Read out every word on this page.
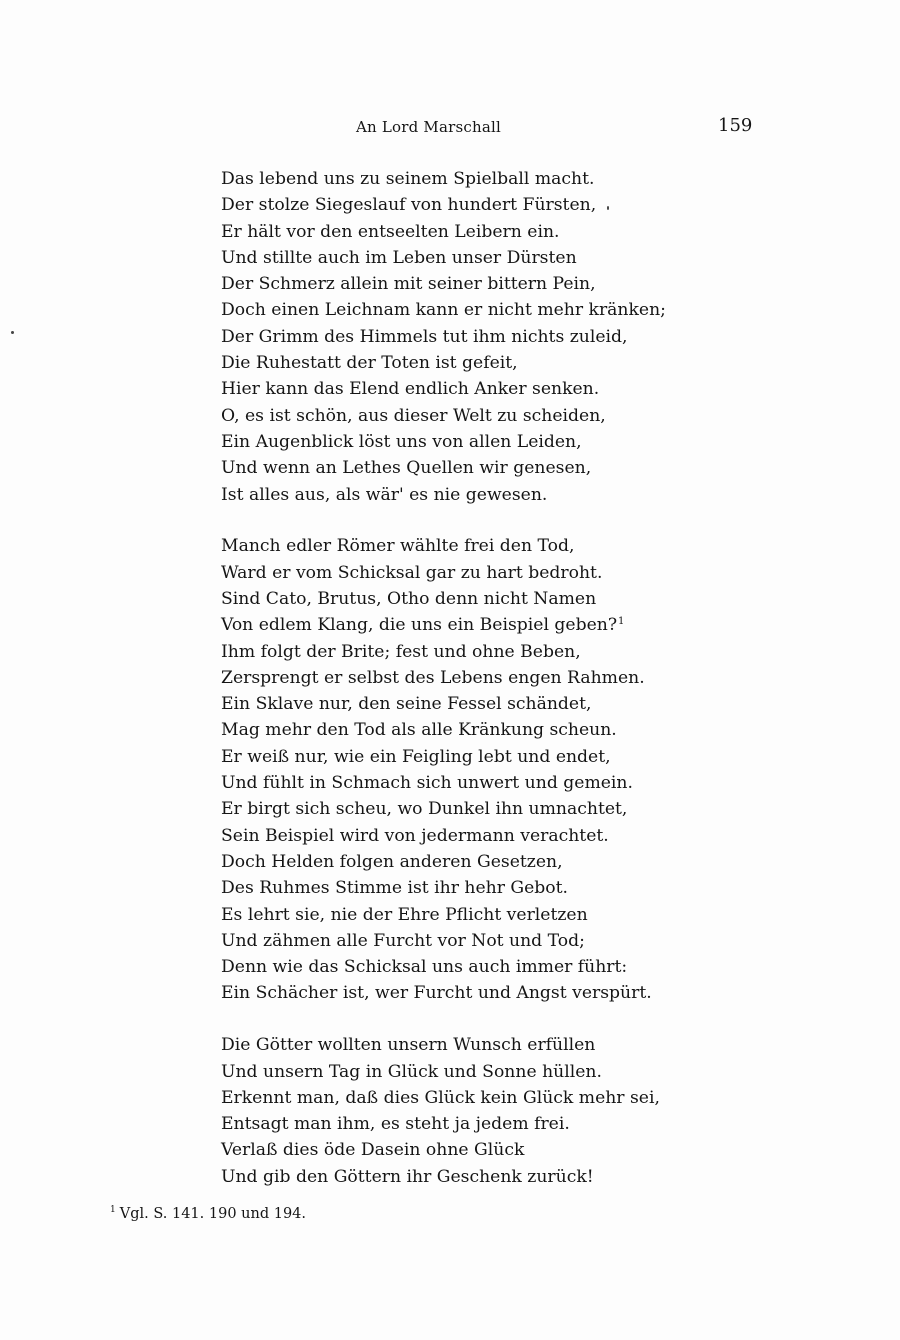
An Lord Marschall	159
Das lebend uns zu seinem Spielball macht.
Der stolze Siegeslauf von hundert Fürsten,
Er hält vor den entseelten Leibern ein.
Und stillte auch im Leben unser Dürsten
Der Schmerz allein mit seiner bittern Pein,
Doch einen Leichnam kann er nicht mehr kränken;
Der Grimm des Himmels tut ihm nichts zuleid,
Die Ruhestatt der Toten ist gefeit,
Hier kann das Elend endlich Anker senken.
O, es ist schön, aus dieser Welt zu scheiden,
Ein Augenblick löst uns von allen Leiden,
Und wenn an Lethes Quellen wir genesen,
Ist alles aus, als wär' es nie gewesen.
Manch edler Römer wählte frei den Tod,
Ward er vom Schicksal gar zu hart bedroht.
Sind Cato, Brutus, Otho denn nicht Namen
Von edlem Klang, die uns ein Beispiel geben?$^1$
Ihm folgt der Brite; fest und ohne Beben,
Zersprengt er selbst des Lebens engen Rahmen.
Ein Sklave nur, den seine Fessel schändet,
Mag mehr den Tod als alle Kränkung scheun.
Er weiß nur, wie ein Feigling lebt und endet,
Und fühlt in Schmach sich unwert und gemein.
Er birgt sich scheu, wo Dunkel ihn umnachtet,
Sein Beispiel wird von jedermann verachtet.
Doch Helden folgen anderen Gesetzen,
Des Ruhmes Stimme ist ihr hehr Gebot.
Es lehrt sie, nie der Ehre Pflicht verletzen
Und zähmen alle Furcht vor Not und Tod;
Denn wie das Schicksal uns auch immer führt:
Ein Schächer ist, wer Furcht und Angst verspürt.
Die Götter wollten unsern Wunsch erfüllen
Und unsern Tag in Glück und Sonne hüllen.
Erkennt man, daß dies Glück kein Glück mehr sei,
Entsagt man ihm, es steht ja jedem frei.
Verlaß dies öde Dasein ohne Glück
Und gib den Göttern ihr Geschenk zurück!
$^1$ Vgl. S. 141. 190 und 194.
